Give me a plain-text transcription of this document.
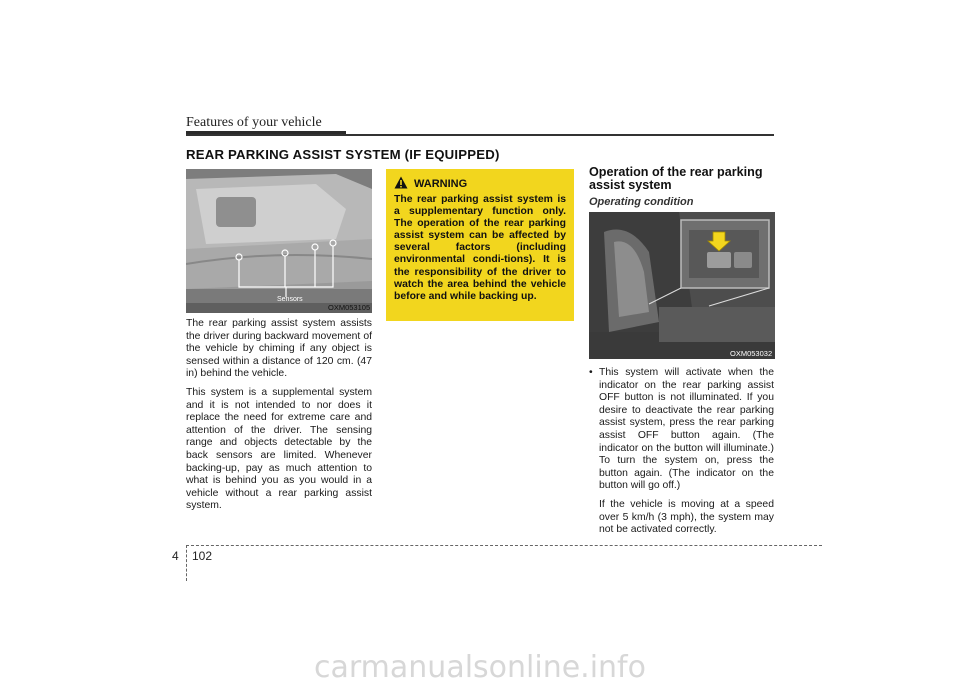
Features of your vehicle
REAR PARKING ASSIST SYSTEM (IF EQUIPPED)
Sensors
OXM053105

The rear parking assist system assists the driver during backward movement of the vehicle by chiming if any object is sensed within a distance of 120 cm. (47 in) behind the vehicle.

This system is a supplemental system and it is not intended to nor does it replace the need for extreme care and attention of the driver. The sensing range and objects detectable by the back sensors are limited. Whenever backing-up, pay as much attention to what is behind you as you would in a vehicle without a rear parking assist system.

WARNING
The rear parking assist system is a supplementary function only. The operation of the rear parking assist system can be affected by several factors (including environmental condi-tions). It is the responsibility of the driver to watch the area behind the vehicle before and while backing up.
Operation of the rear parking assist system
Operating condition
OXM053032
• This system will activate when the indicator on the rear parking assist OFF button is not illuminated. If you desire to deactivate the rear parking assist system, press the rear parking assist OFF button again. (The indicator on the button will illuminate.) To turn the system on, press the button again. (The indicator on the button will go off.)
If the vehicle is moving at a speed over 5 km/h (3 mph), the system may not be activated correctly.
4 102
carmanualsonline.info
